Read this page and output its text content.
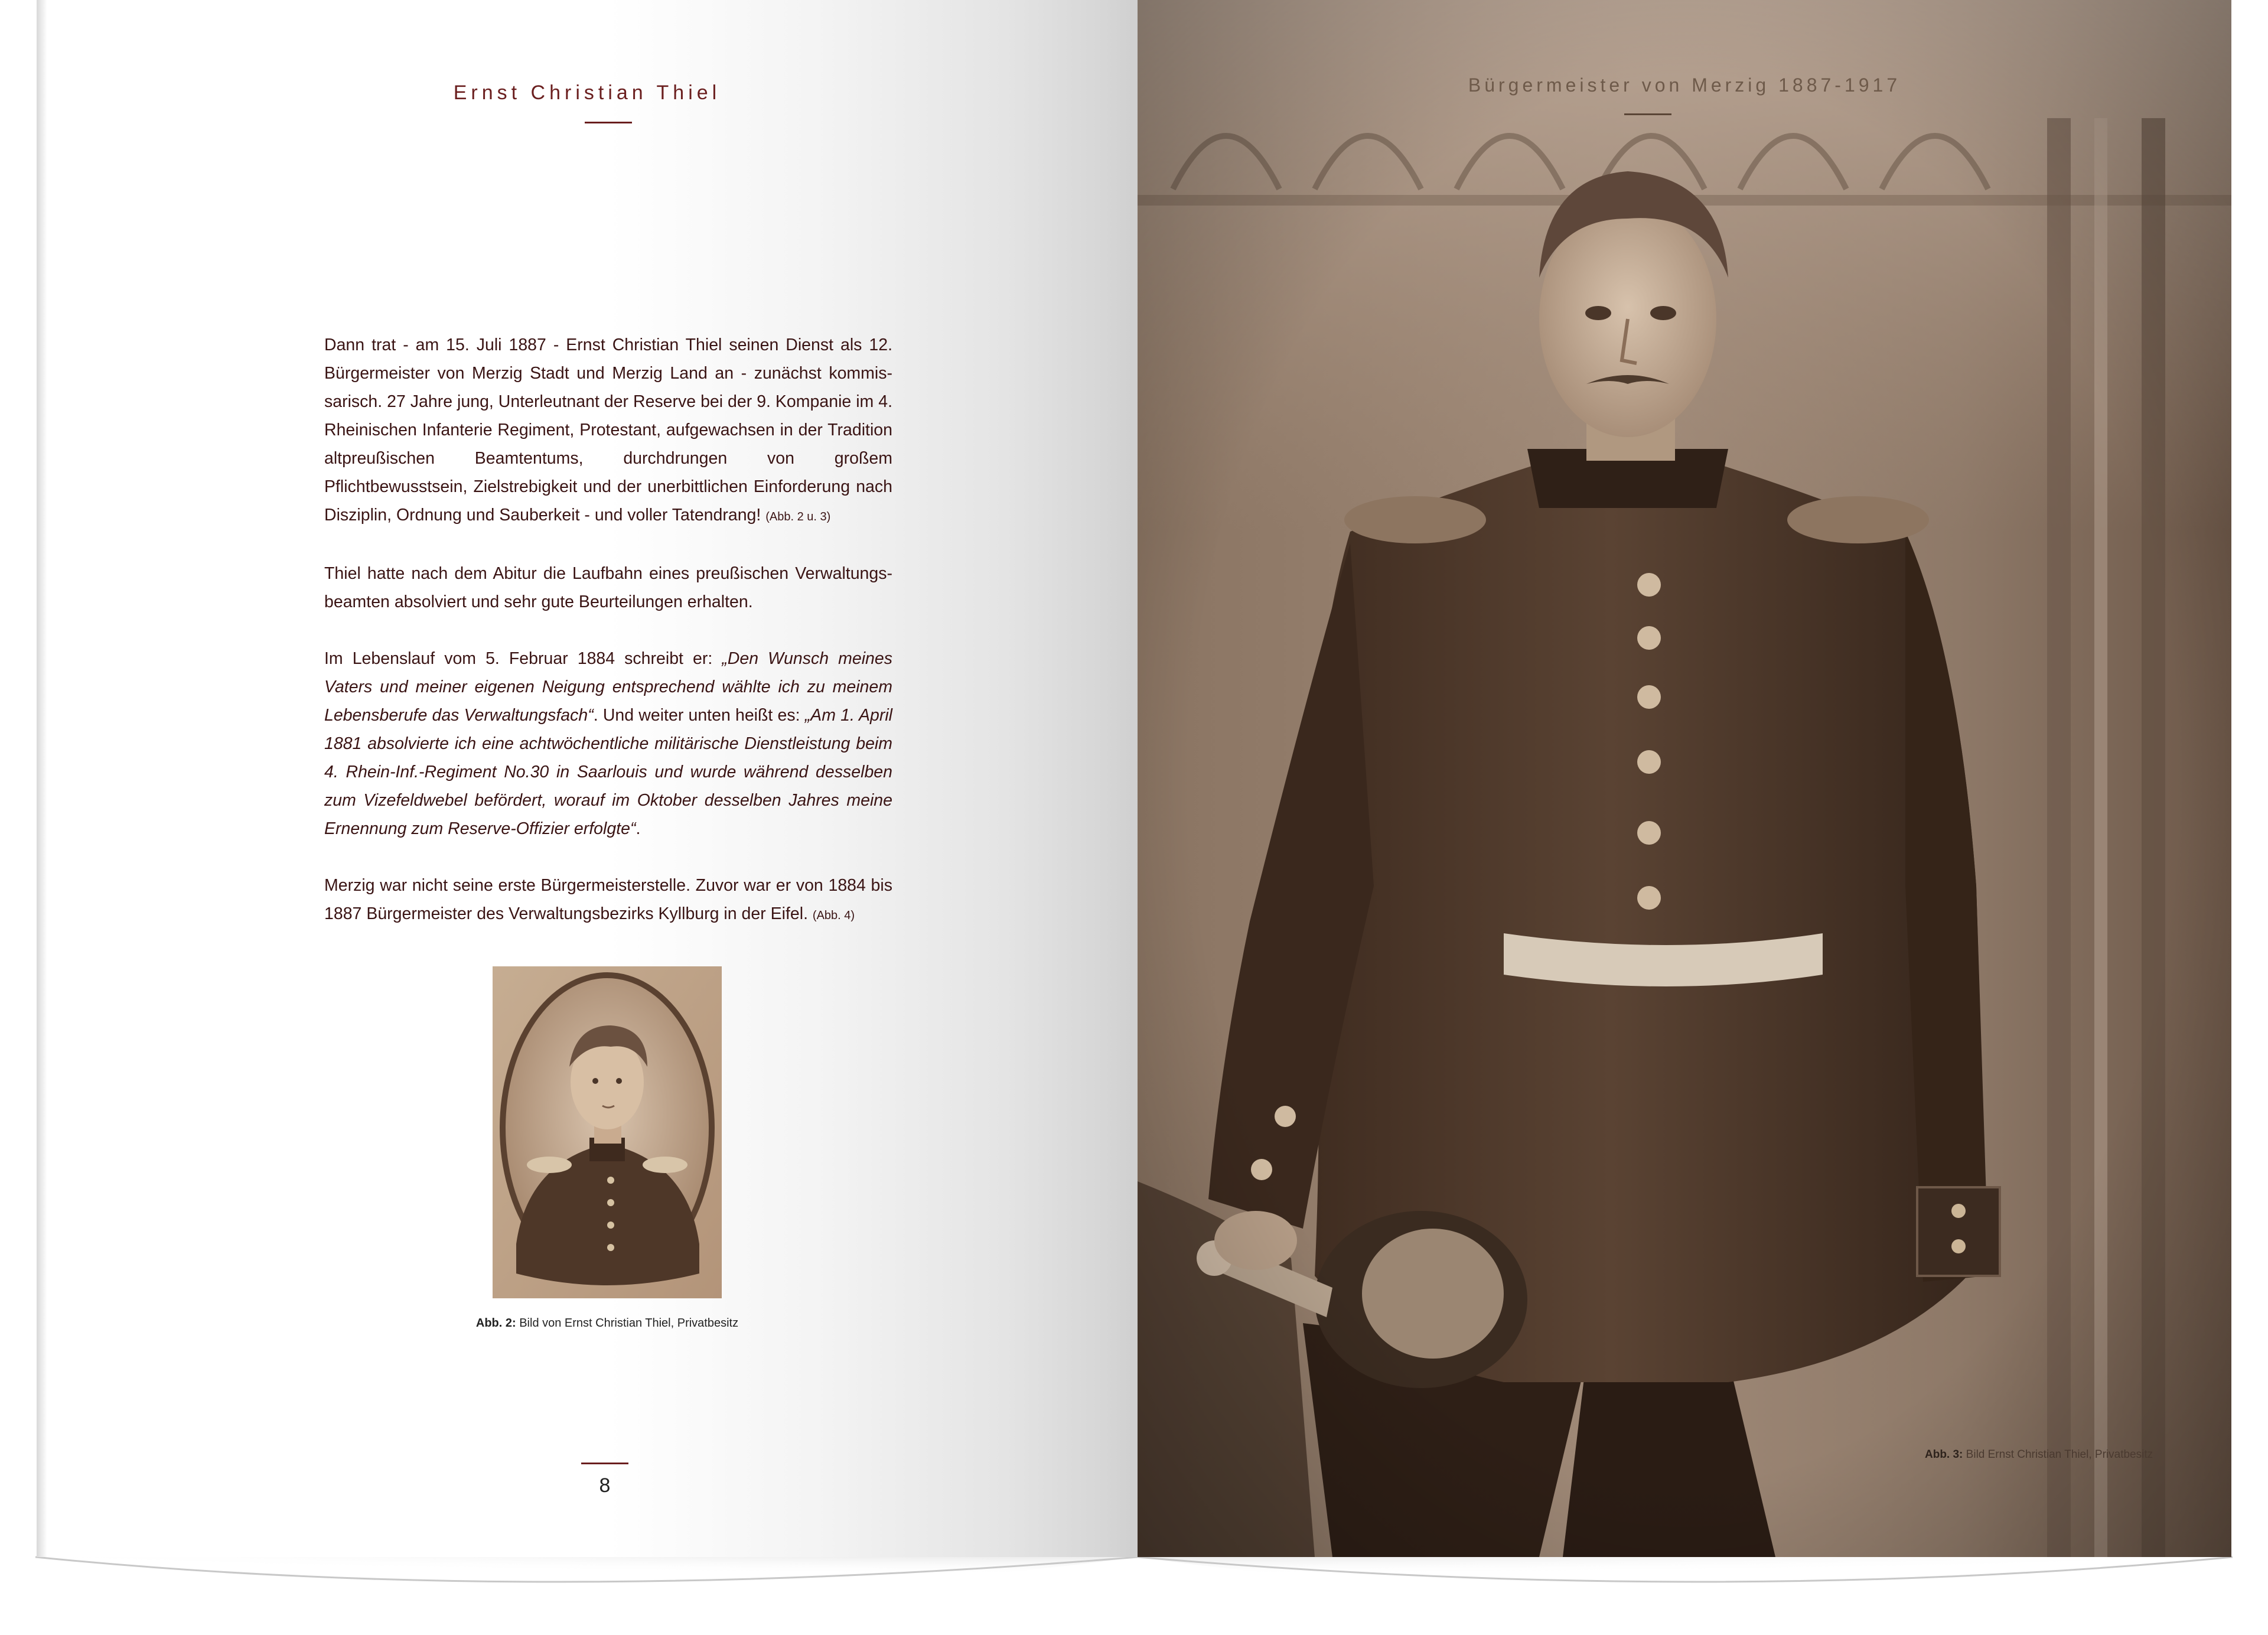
Ernst Christian Thiel

Dann trat - am 15. Juli 1887 - Ernst Christian Thiel seinen Dienst als 12. Bürgermeister von Merzig Stadt und Merzig Land an - zunächst kommis-sarisch. 27 Jahre jung, Unterleutnant der Reserve bei der 9. Kompanie im 4. Rheinischen Infanterie Regiment, Protestant, aufgewachsen in der Tradition altpreußischen Beamtentums, durchdrungen von großem Pflichtbewusstsein, Zielstrebigkeit und der unerbittlichen Einforderung nach Disziplin, Ordnung und Sauberkeit - und voller Tatendrang! (Abb. 2 u. 3)

Thiel hatte nach dem Abitur die Laufbahn eines preußischen Verwaltungs-beamten absolviert und sehr gute Beurteilungen erhalten.

Im Lebenslauf vom 5. Februar 1884 schreibt er: „Den Wunsch meines Vaters und meiner eigenen Neigung entsprechend wählte ich zu meinem Lebensberufe das Verwaltungsfach“. Und weiter unten heißt es: „Am 1. April 1881 absolvierte ich eine achtwöchentliche militärische Dienstleistung beim 4. Rhein-Inf.-Regiment No.30 in Saarlouis und wurde während desselben zum Vizefeldwebel befördert, worauf im Oktober desselben Jahres meine Ernennung zum Reserve-Offizier erfolgte“.

Merzig war nicht seine erste Bürgermeisterstelle. Zuvor war er von 1884 bis 1887 Bürgermeister des Verwaltungsbezirks Kyllburg in der Eifel. (Abb. 4)

Abb. 2: Bild von Ernst Christian Thiel, Privatbesitz
8
Bürgermeister von Merzig 1887-1917
Abb. 3: Bild Ernst Christian Thiel, Privatbesitz
